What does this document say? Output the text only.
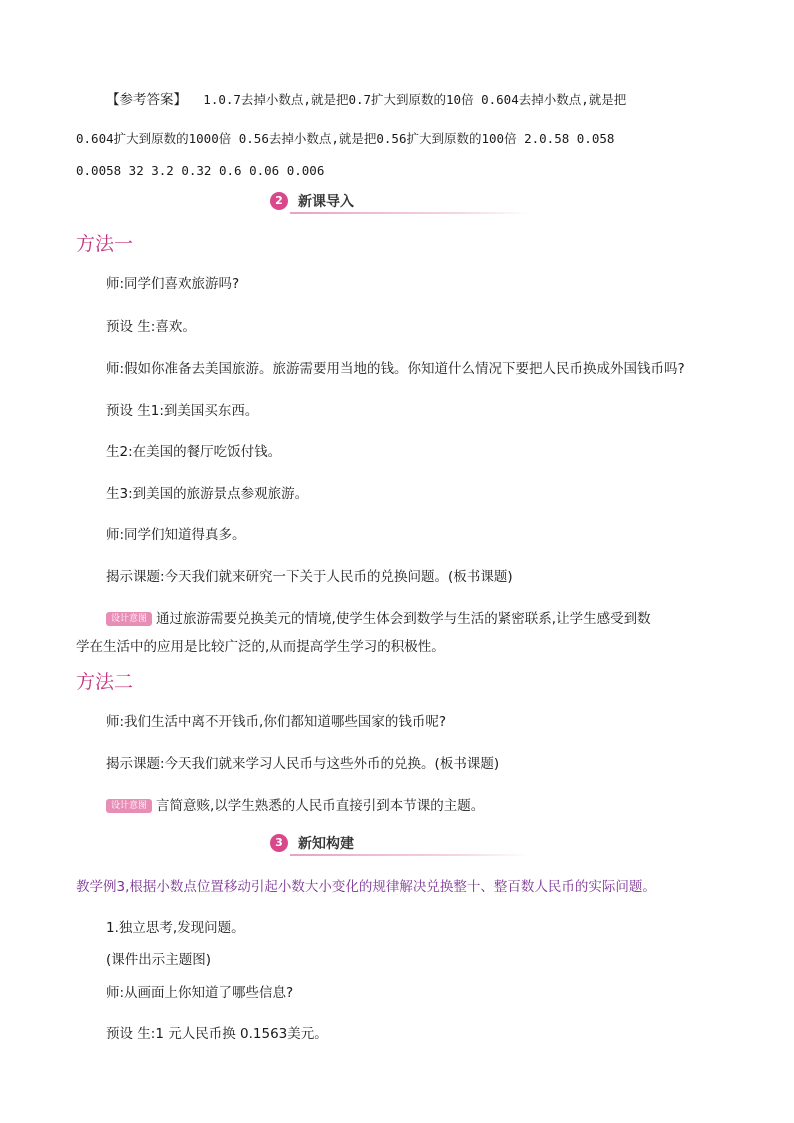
【参考答案】 1.0.7去掉小数点,就是把0.7扩大到原数的10倍 0.604去掉小数点,就是把
0.604扩大到原数的1000倍 0.56去掉小数点,就是把0.56扩大到原数的100倍 2.0.58 0.058
0.0058 32 3.2 0.32 0.6 0.06 0.006
2	新课导入
方法一
师:同学们喜欢旅游吗?
预设 生:喜欢。
师:假如你准备去美国旅游。旅游需要用当地的钱。你知道什么情况下要把人民币换成外国钱币吗?
预设 生1:到美国买东西。
生2:在美国的餐厅吃饭付钱。
生3:到美国的旅游景点参观旅游。
师:同学们知道得真多。
揭示课题:今天我们就来研究一下关于人民币的兑换问题。(板书课题)
设计意图 通过旅游需要兑换美元的情境,使学生体会到数学与生活的紧密联系,让学生感受到数
学在生活中的应用是比较广泛的,从而提高学生学习的积极性。
方法二
师:我们生活中离不开钱币,你们都知道哪些国家的钱币呢?
揭示课题:今天我们就来学习人民币与这些外币的兑换。(板书课题)
设计意图 言简意赅,以学生熟悉的人民币直接引到本节课的主题。
3	新知构建
教学例3,根据小数点位置移动引起小数大小变化的规律解决兑换整十、整百数人民币的实际问题。
1.独立思考,发现问题。
(课件出示主题图)
师:从画面上你知道了哪些信息?
预设 生:1 元人民币换 0.1563美元。
